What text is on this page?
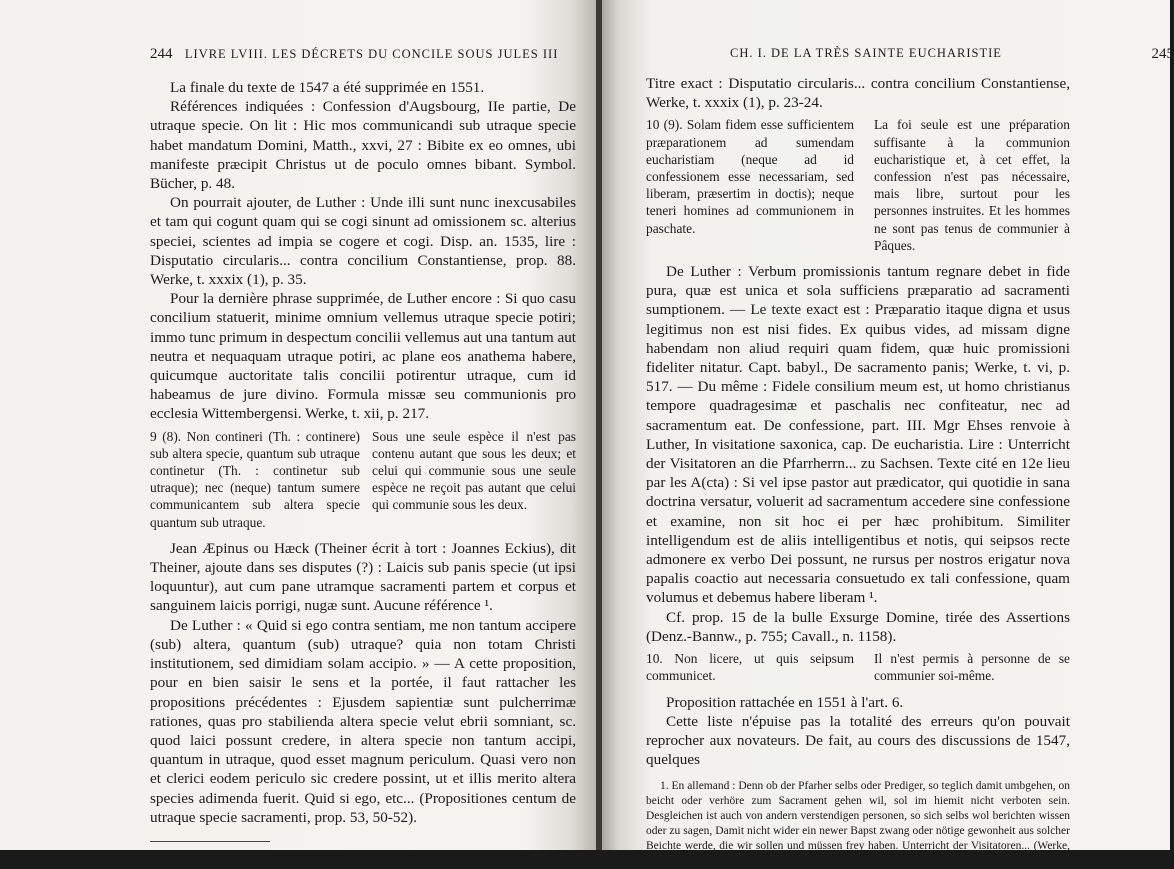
244 LIVRE LVIII. LES DÉCRETS DU CONCILE SOUS JULES III

La finale du texte de 1547 a été supprimée en 1551.

Références indiquées : Confession d'Augsbourg, IIe partie, De utraque specie. On lit : Hic mos communicandi sub utraque specie habet mandatum Domini, Matth., xxvi, 27 : Bibite ex eo omnes, ubi manifeste præcipit Christus ut de poculo omnes bibant. Symbol. Bücher, p. 48.

On pourrait ajouter, de Luther : Unde illi sunt nunc inexcusabiles et tam qui cogunt quam qui se cogi sinunt ad omissionem sc. alterius speciei, scientes ad impia se cogere et cogi. Disp. an. 1535, lire : Disputatio circularis... contra concilium Constantiense, prop. 88. Werke, t. xxxix (1), p. 35.

Pour la dernière phrase supprimée, de Luther encore : Si quo casu concilium statuerit, minime omnium vellemus utraque specie potiri; immo tunc primum in despectum concilii vellemus aut una tantum aut neutra et nequaquam utraque potiri, ac plane eos anathema habere, quicumque auctoritate talis concilii potirentur utraque, cum id habeamus de jure divino. Formula missæ seu communionis pro ecclesia Wittembergensi. Werke, t. xii, p. 217.

9 (8). Non contineri (Th. : continere) sub altera specie, quantum sub utraque continetur (Th. : continetur sub utraque); nec (neque) tantum sumere communicantem sub altera specie quantum sub utraque.
Sous une seule espèce il n'est pas contenu autant que sous les deux; et celui qui communie sous une seule espèce ne reçoit pas autant que celui qui communie sous les deux.

Jean Æpinus ou Hæck (Theiner écrit à tort : Joannes Eckius), dit Theiner, ajoute dans ses disputes (?) : Laicis sub panis specie (ut ipsi loquuntur), aut cum pane utramque sacramenti partem et corpus et sanguinem laicis porrigi, nugæ sunt. Aucune référence ¹.

De Luther : « Quid si ego contra sentiam, me non tantum accipere (sub) altera, quantum (sub) utraque? quia non totam Christi institutionem, sed dimidiam solam accipio. » — A cette proposition, pour en bien saisir le sens et la portée, il faut rattacher les propositions précédentes : Ejusdem sapientiæ sunt pulcherrimæ rationes, quas pro stabilienda altera specie velut ebrii somniant, sc. quod laici possunt credere, in altera specie non tantum accipi, quantum in utraque, quod esset magnum periculum. Quasi vero non et clerici eodem periculo sic credere possint, ut et illis merito altera species adimenda fuerit. Quid si ego, etc... (Propositiones centum de utraque specie sacramenti, prop. 53, 50-52).

1. Sur Jean Æpinus, voir Dict. théol. cath., t. i, col. 514.
CH. I. DE LA TRÈS SAINTE EUCHARISTIE	245

Titre exact : Disputatio circularis... contra concilium Constantiense, Werke, t. xxxix (1), p. 23-24.

10 (9). Solam fidem esse sufficientem præparationem ad sumendam eucharistiam (neque ad id confessionem esse necessariam, sed liberam, præsertim in doctis); neque teneri homines ad communionem in paschate.
La foi seule est une préparation suffisante à la communion eucharistique et, à cet effet, la confession n'est pas nécessaire, mais libre, surtout pour les personnes instruites. Et les hommes ne sont pas tenus de communier à Pâques.

De Luther : Verbum promissionis tantum regnare debet in fide pura, quæ est unica et sola sufficiens præparatio ad sacramenti sumptionem. — Le texte exact est : Præparatio itaque digna et usus legitimus non est nisi fides. Ex quibus vides, ad missam digne habendam non aliud requiri quam fidem, quæ huic promissioni fideliter nitatur. Capt. babyl., De sacramento panis; Werke, t. vi, p. 517. — Du même : Fidele consilium meum est, ut homo christianus tempore quadragesimæ et paschalis nec confiteatur, nec ad sacramentum eat. De confessione, part. III. Mgr Ehses renvoie à Luther, In visitatione saxonica, cap. De eucharistia. Lire : Unterricht der Visitatoren an die Pfarrherrn... zu Sachsen. Texte cité en 12e lieu par les A(cta) : Si vel ipse pastor aut prædicator, qui quotidie in sana doctrina versatur, voluerit ad sacramentum accedere sine confessione et examine, non sit hoc ei per hæc prohibitum. Similiter intelligendum est de aliis intelligentibus et notis, qui seipsos recte admonere ex verbo Dei possunt, ne rursus per nostros erigatur nova papalis coactio aut necessaria consuetudo ex tali confessione, quam volumus et debemus habere liberam ¹.

Cf. prop. 15 de la bulle Exsurge Domine, tirée des Assertions (Denz.-Bannw., p. 755; Cavall., n. 1158).

10. Non licere, ut quis seipsum communicet.
Il n'est permis à personne de se communier soi-même.

Proposition rattachée en 1551 à l'art. 6.

Cette liste n'épuise pas la totalité des erreurs qu'on pouvait reprocher aux novateurs. De fait, au cours des discussions de 1547, quelques

1. En allemand : Denn ob der Pfarher selbs oder Prediger, so teglich damit umbgehen, on beicht oder verhöre zum Sacrament gehen wil, sol im hiemit nicht verboten sein. Desgleichen ist auch von andern verstendigen personen, so sich selbs wol berichten wissen oder zu sagen, Damit nicht wider ein newer Bapst zwang oder nötige gewonheit aus solcher Beichte werde, die wir sollen und müssen frey haben. Unterricht der Visitatoren... (Werke, t. xxvi, p. 216).
